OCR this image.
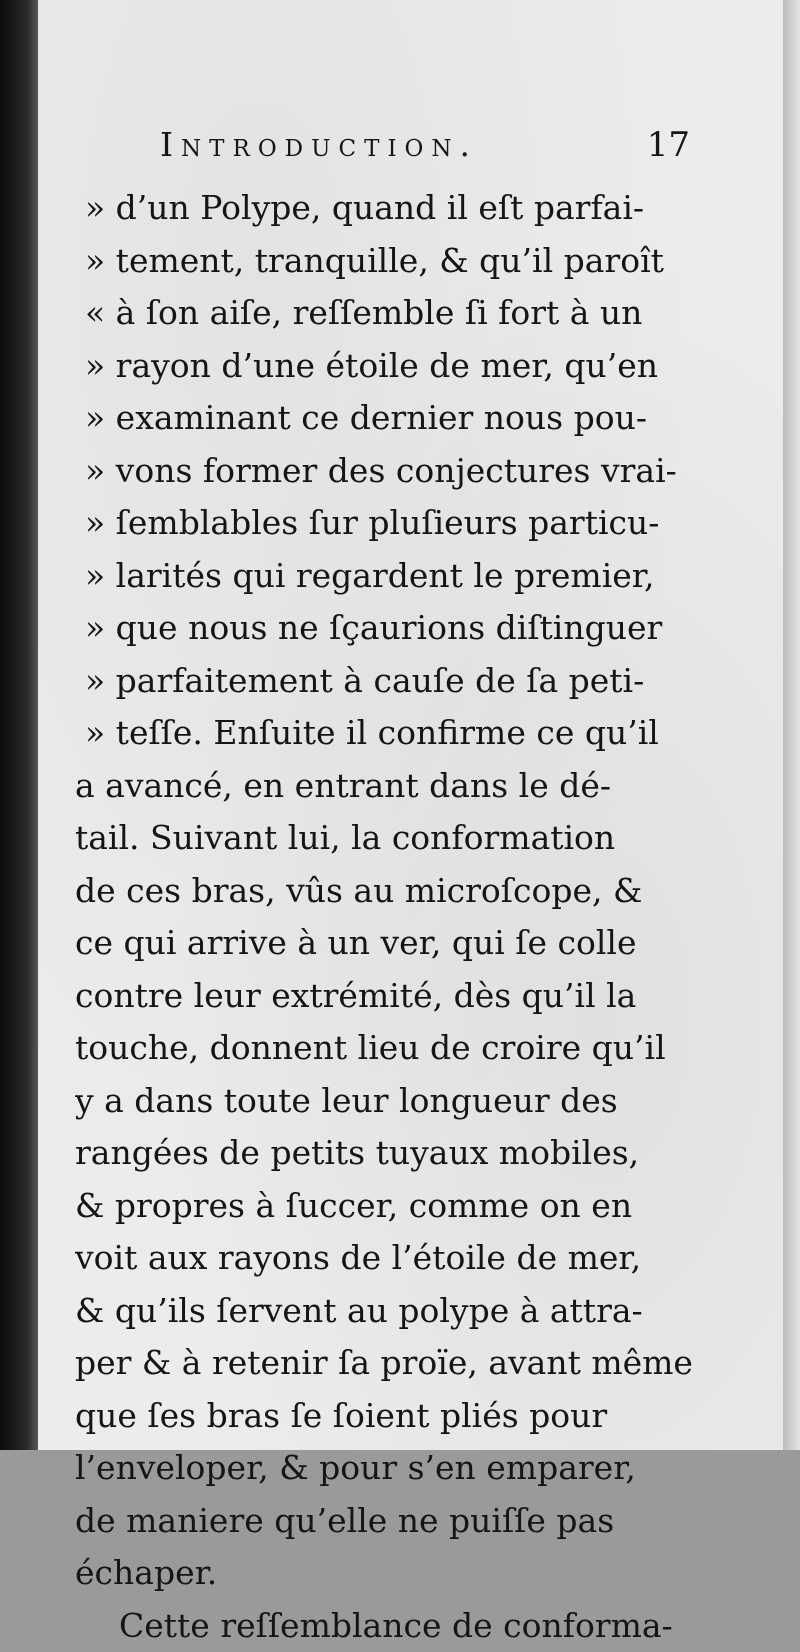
Introduction.	17
» d’un Polype, quand il eſt parfai-
» tement, tranquille, & qu’il paroît
« à ſon aiſe, reſſemble ſi fort à un
» rayon d’une étoile de mer, qu’en
» examinant ce dernier nous pou-
» vons former des conjectures vrai-
» ſemblables ſur pluſieurs particu-
» larités qui regardent le premier,
» que nous ne ſçaurions diſtinguer
» parfaitement à cauſe de ſa peti-
» teſſe. Enſuite il confirme ce qu’il
a avancé, en entrant dans le dé-
tail. Suivant lui, la conformation
de ces bras, vûs au microſcope, &
ce qui arrive à un ver, qui ſe colle
contre leur extrémité, dès qu’il la
touche, donnent lieu de croire qu’il
y a dans toute leur longueur des
rangées de petits tuyaux mobiles,
& propres à ſuccer, comme on en
voit aux rayons de l’étoile de mer,
& qu’ils ſervent au polype à attra-
per & à retenir ſa proïe, avant même
que ſes bras ſe ſoient pliés pour
l’enveloper, & pour s’en emparer,
de maniere qu’elle ne puiſſe pas
échaper.
Cette reſſemblance de conforma-
